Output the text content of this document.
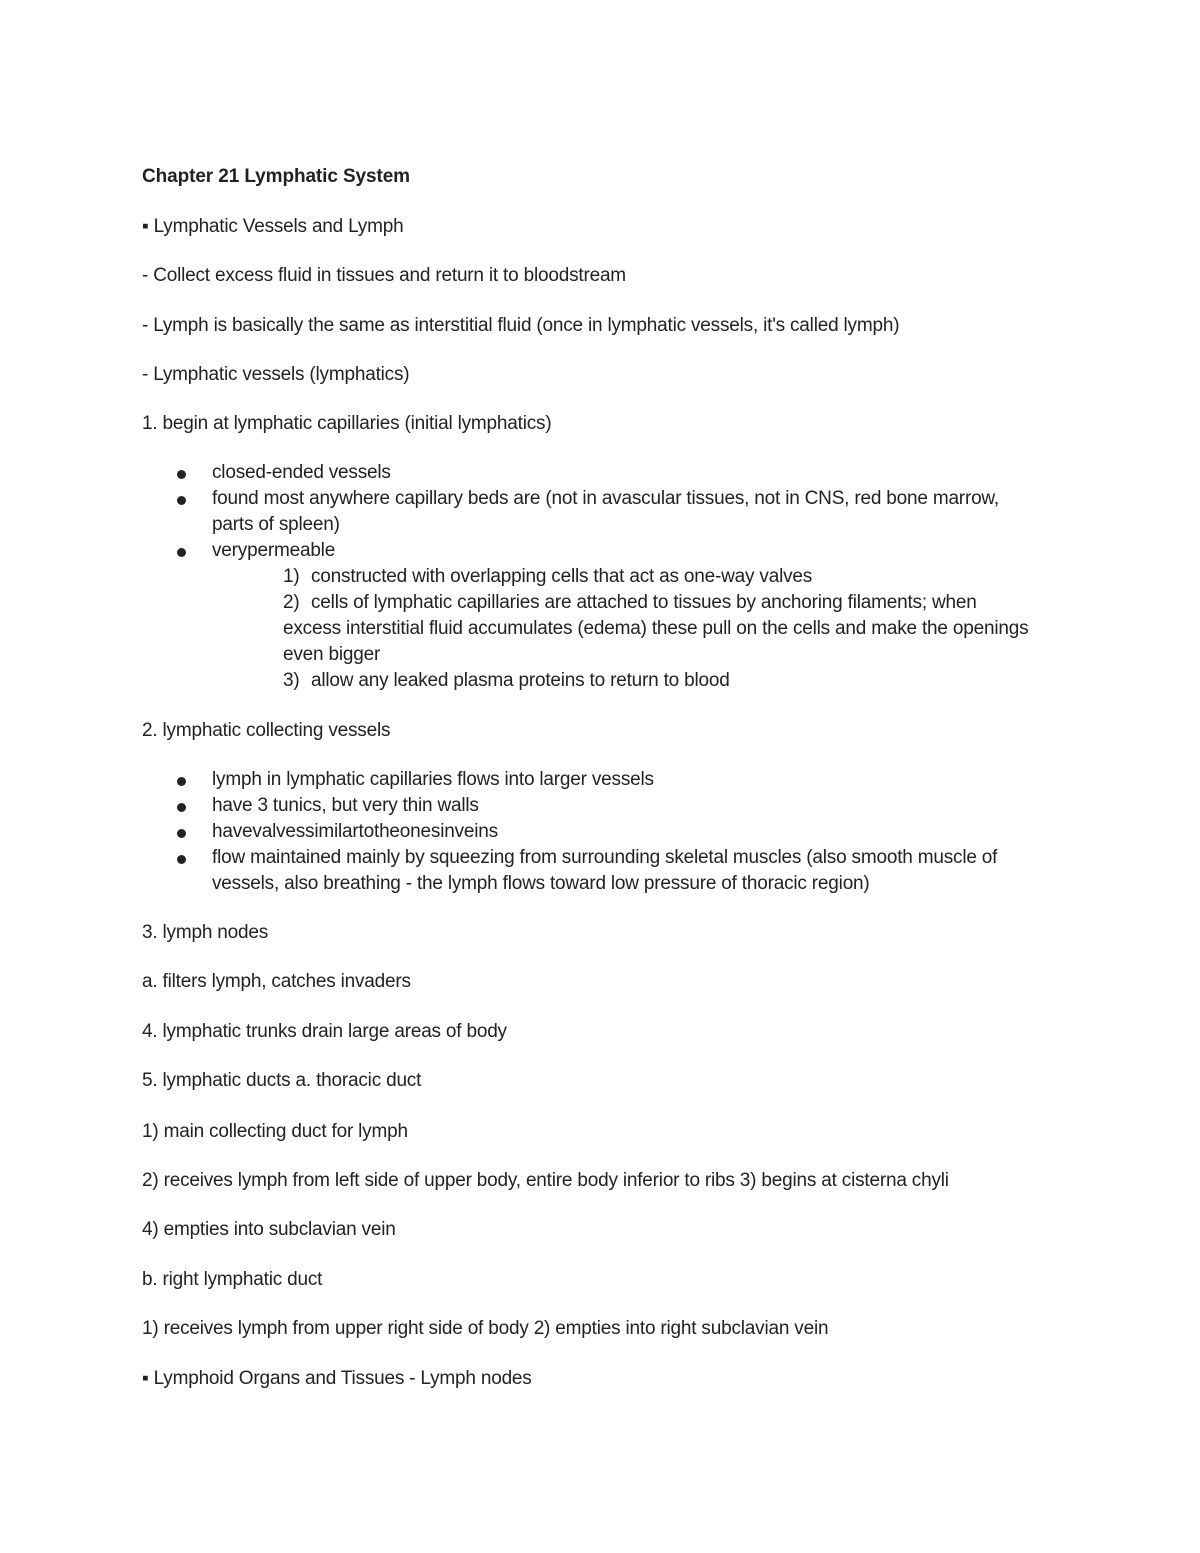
Chapter 21 Lymphatic System
▪ Lymphatic Vessels and Lymph
- Collect excess fluid in tissues and return it to bloodstream
- Lymph is basically the same as interstitial fluid (once in lymphatic vessels, it's called lymph)
- Lymphatic vessels (lymphatics)
1. begin at lymphatic capillaries (initial lymphatics)
closed-ended vessels
found most anywhere capillary beds are (not in avascular tissues, not in CNS, red bone marrow, parts of spleen)
verypermeable
1) constructed with overlapping cells that act as one-way valves
2) cells of lymphatic capillaries are attached to tissues by anchoring filaments; when excess interstitial fluid accumulates (edema) these pull on the cells and make the openings even bigger
3) allow any leaked plasma proteins to return to blood
2. lymphatic collecting vessels
lymph in lymphatic capillaries flows into larger vessels
have 3 tunics, but very thin walls
havevalvessimilartotheonesinveins
flow maintained mainly by squeezing from surrounding skeletal muscles (also smooth muscle of vessels, also breathing - the lymph flows toward low pressure of thoracic region)
3. lymph nodes
a. filters lymph, catches invaders
4. lymphatic trunks drain large areas of body
5. lymphatic ducts a. thoracic duct
1) main collecting duct for lymph
2) receives lymph from left side of upper body, entire body inferior to ribs 3) begins at cisterna chyli
4) empties into subclavian vein
b. right lymphatic duct
1) receives lymph from upper right side of body 2) empties into right subclavian vein
▪ Lymphoid Organs and Tissues - Lymph nodes
